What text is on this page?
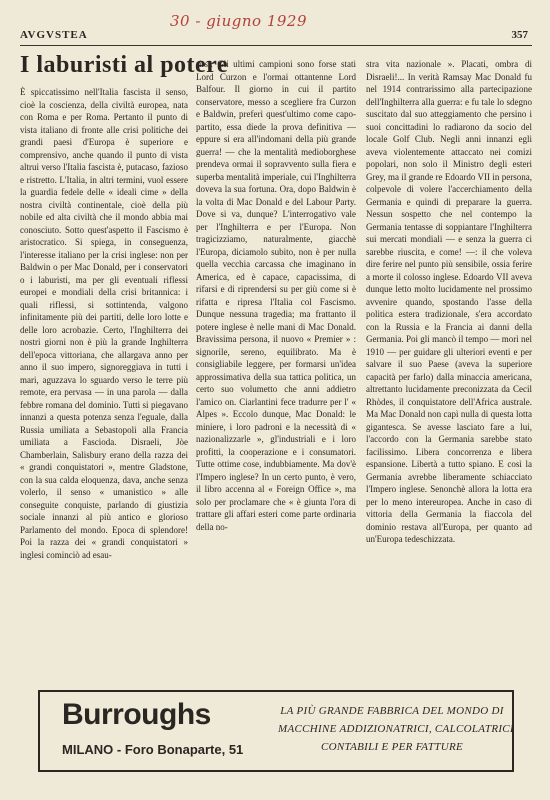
30 - giugno 1929
AVGVSTEA	357
I laburisti al potere

È spiccatissimo nell'Italia fascista il senso, cioè la coscienza, della civiltà europea, nata con Roma e per Roma. Pertanto il punto di vista italiano di fronte alle crisi politiche dei grandi paesi d'Europa è superiore e comprensivo, anche quando il punto di vista altrui verso l'Italia fascista è, putacaso, fazioso e ristretto. L'Italia, in altri termini, vuol essere la guardia fedele delle « ideali cime » della nostra civiltà continentale, cioè della più nobile ed alta civiltà che il mondo abbia mai conosciuto. Sotto quest'aspetto il Fascismo è aristocratico. Si spiega, in conseguenza, l'interesse italiano per la crisi inglese: non per Baldwin o per Mac Donald, per i conservatori o i laburisti, ma per gli eventuali riflessi europei e mondiali della crisi britannica: i quali riflessi, si sottintenda, valgono infinitamente più dei partiti, delle loro lotte e delle loro acrobazie. Certo, l'Inghilterra dei nostri giorni non è più la grande Inghilterra dell'epoca vittoriana, che allargava anno per anno il suo impero, signoreggiava in tutti i mari, aguzzava lo sguardo verso le terre più remote, era pervasa — in una parola — dalla febbre romana del dominio. Tutti si piegavano innanzi a questa potenza senza l'eguale, dalla Russia umiliata a Sebastopoli alla Francia umiliata a Fascioda. Disraeli, Jòe Chamberlain, Salisbury erano della razza dei « grandi conquistatori », mentre Gladstone, con la sua calda eloquenza, dava, anche senza volerlo, il senso « umanistico » alle conseguite conquiste, parlando di giustizia sociale innanzi al più antico e glorioso Parlamento del mondo. Epoca di splendore! Poi la razza dei « grandi conquistatori » inglesi cominciò ad esau-

rirsi. Gli ultimi campioni sono forse stati Lord Curzon e l'ormai ottantenne Lord Balfour. Il giorno in cui il partito conservatore, messo a scegliere fra Curzon e Baldwin, preferì quest'ultimo come capo-partito, essa diede la prova definitiva — eppure si era all'indomani della più grande guerra! — che la mentalità medioborghese prendeva ormai il sopravvento sulla fiera e superba mentalità imperiale, cui l'Inghilterra doveva la sua fortuna. Ora, dopo Baldwin è la volta di Mac Donald e del Labour Party. Dove si va, dunque? L'interrogativo vale per l'Inghilterra e per l'Europa. Non tragicizziamo, naturalmente, giacchè l'Europa, diciamolo subito, non è per nulla quella vecchia carcassa che imaginano in America, ed è capace, capacissima, di rifarsi e di riprendersi su per giù come si è rifatta e ripresa l'Italia col Fascismo. Dunque nessuna tragedia; ma frattanto il potere inglese è nelle mani di Mac Donald. Bravissima persona, il nuovo « Premier » : signorile, sereno, equilibrato. Ma è consigliabile leggere, per formarsi un'idea approssimativa della sua tattica politica, un certo suo volumetto che anni addietro l'amico on. Ciarlantini fece tradurre per l' « Alpes ». Eccolo dunque, Mac Donald: le miniere, i loro padroni e la necessità di « nazionalizzarle », gl'industriali e i loro profitti, la cooperazione e i consumatori. Tutte ottime cose, indubbiamente. Ma dov'è l'Impero inglese? In un certo punto, è vero, il libro accenna al « Foreign Office », ma solo per proclamare che « è giunta l'ora di trattare gli affari esteri come parte ordinaria della no-

stra vita nazionale ». Placati, ombra di Disraeli!... In verità Ramsay Mac Donald fu nel 1914 contrarissimo alla partecipazione dell'Inghilterra alla guerra: e fu tale lo sdegno suscitato dal suo atteggiamento che persino i suoi concittadini lo radiarono da socio del locale Golf Club. Negli anni innanzi egli aveva violentemente attaccato nei comizi popolari, non solo il Ministro degli esteri Grey, ma il grande re Edoardo VII in persona, colpevole di volere l'accerchiamento della Germania e quindi di preparare la guerra. Nessun sospetto che nel contempo la Germania tentasse di soppiantare l'Inghilterra sui mercati mondiali — e senza la guerra ci sarebbe riuscita, e come! —: il che voleva dire ferire nel punto più sensibile, ossia ferire a morte il colosso inglese. Edoardo VII aveva dunque letto molto lucidamente nel prossimo avvenire quando, spostando l'asse della politica estera tradizionale, s'era accordato con la Russia e la Francia ai danni della Germania. Poi gli mancò il tempo — morì nel 1910 — per guidare gli ulteriori eventi e per salvare il suo Paese (aveva la superiore capacità per farlo) dalla minaccia americana, altrettanto lucidamente preconizzata da Cecil Rhòdes, il conquistatore dell'Africa australe. Ma Mac Donald non capì nulla di questa lotta gigantesca. Se avesse lasciato fare a lui, l'accordo con la Germania sarebbe stato facilissimo. Libera concorrenza e libera espansione. Libertà a tutto spiano. E così la Germania avrebbe liberamente schiacciato l'Impero inglese. Senonchè allora la lotta era per lo meno intereuropea. Anche in caso di vittoria della Germania la fiaccola del dominio restava all'Europa, per quanto ad un'Europa tedeschizzata.

Burroughs
MILANO - Foro Bonaparte, 51
LA PIÙ GRANDE FABBRICA DEL MONDO DI
MACCHINE ADDIZIONATRICI, CALCOLATRICI
CONTABILI E PER FATTURE
